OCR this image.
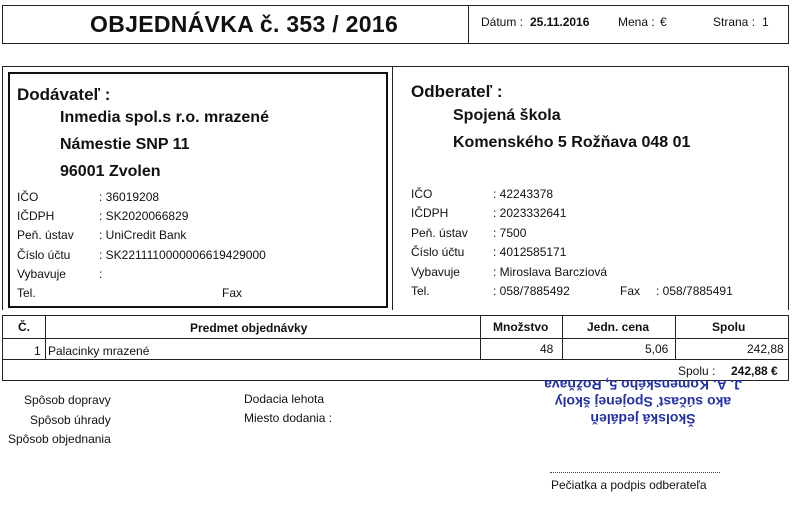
OBJEDNÁVKA č. 353 / 2016	Dátum : 25.11.2016 Mena : €	Strana : 1
Dodávateľ :
Inmedia spol.s r.o. mrazené
Námestie SNP 11
96001 Zvolen
IČO	: 36019208
IČDPH	: SK2020066829
Peň. ústav : UniCredit Bank
Číslo účtu : SK2211110000006619429000
Vybavuje	:
Tel.	Fax
Odberateľ :
Spojená škola
Komenského 5 Rožňava 048 01
IČO	: 42243378
IČDPH	: 2023332641
Peň. ústav : 7500
Číslo účtu : 4012585171
Vybavuje	: Miroslava Barcziová
Tel.	: 058/7885492	Fax : 058/7885491
Č.	Predmet objednávky	Množstvo	Jedn. cena	Spolu
1 Palacinky mrazené	48	5,06	242,88
Spolu : 242,88 €
Spôsob dopravy
Spôsob úhrady
Spôsob objednania
Dodacia lehota
Miesto dodania :	Školská jedáleň
ako súčasť Spojenej školy
J. A. Komenského 5, Rožňava
Pečiatka a podpis odberateľa
